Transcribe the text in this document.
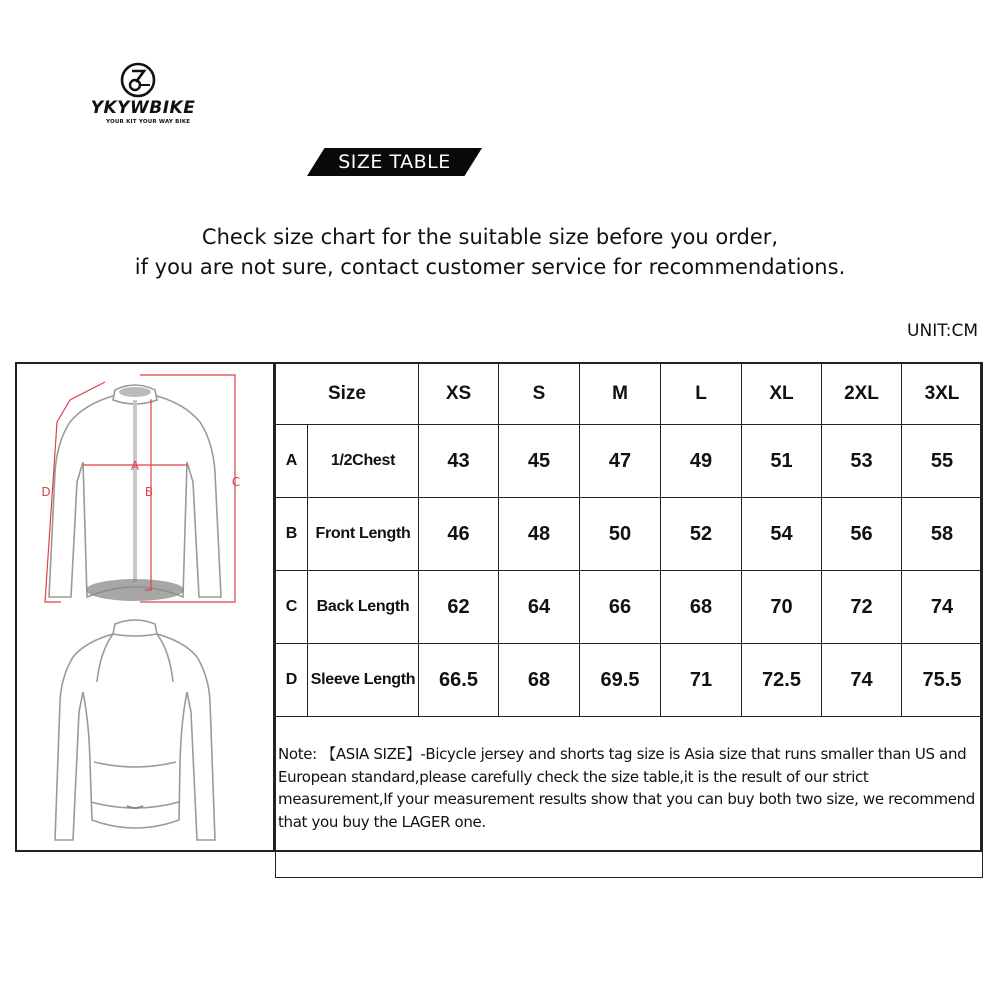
YKYWBIKE
YOUR KIT YOUR WAY BIKE
SIZE TABLE
Check size chart for the suitable size before you order,
if you are not sure, contact customer service for recommendations.
UNIT:CM
A
B
C
D
Size		XS	S	M	L	XL	2XL	3XL
A	1/2Chest	43	45	47	49	51	53	55
B	Front Length	46	48	50	52	54	56	58
C	Back Length	62	64	66	68	70	72	74
D	Sleeve Length	66.5	68	69.5	71	72.5	74	75.5
Note: 【ASIA SIZE】-Bicycle jersey and shorts tag size is Asia size that runs smaller than US and European standard,please carefully check the size table,it is the result of our strict measurement,If your measurement results show that you can buy both two size, we recommend that you buy the LAGER one.								
